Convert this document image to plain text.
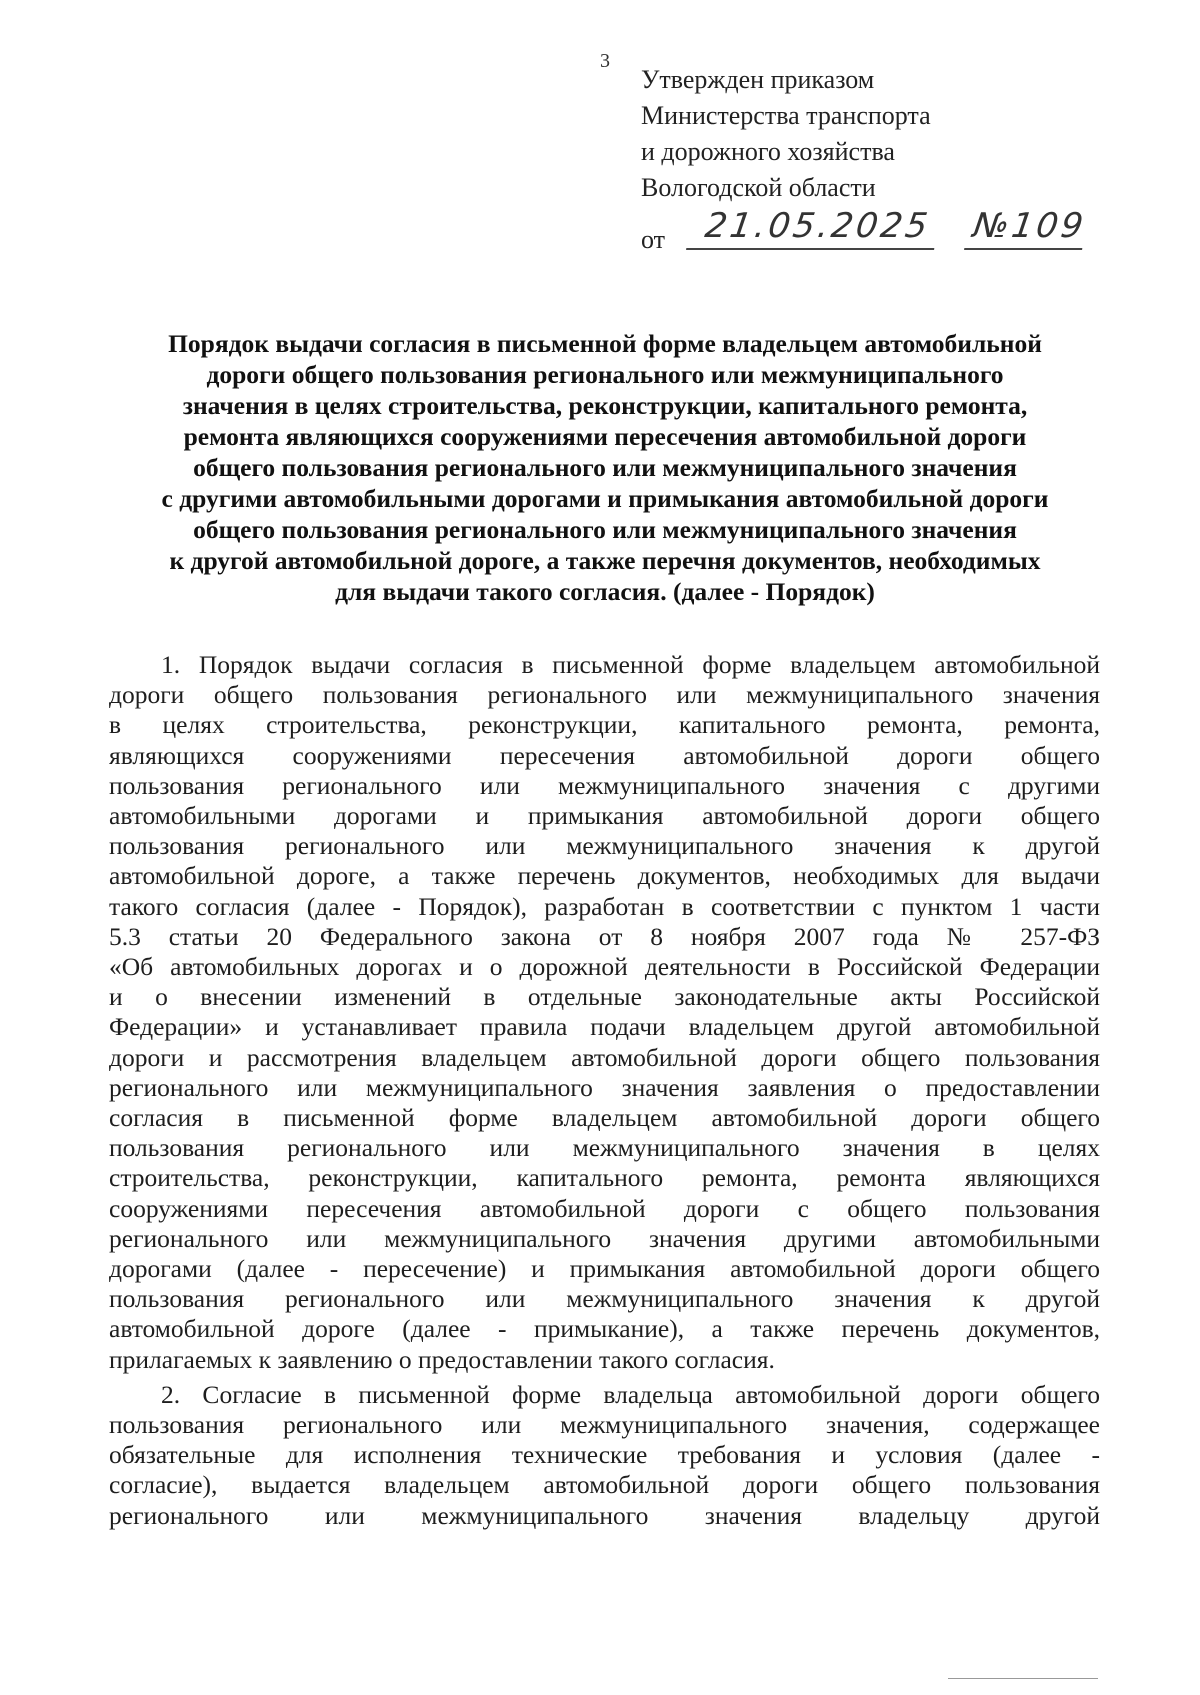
3
Утвержден приказом
Министерства транспорта
и дорожного хозяйства
Вологодской области
от	21.05.2025 №109
Порядок выдачи согласия в письменной форме владельцем автомобильной
дороги общего пользования регионального или межмуниципального
значения в целях строительства, реконструкции, капитального ремонта,
ремонта являющихся сооружениями пересечения автомобильной дороги
общего пользования регионального или межмуниципального значения
с другими автомобильными дорогами и примыкания автомобильной дороги
общего пользования регионального или межмуниципального значения
к другой автомобильной дороге, а также перечня документов, необходимых
для выдачи такого согласия. (далее - Порядок)
1. Порядок выдачи согласия в письменной форме владельцем автомобильной
дороги общего пользования регионального или межмуниципального значения
в целях строительства, реконструкции, капитального ремонта, ремонта,
являющихся сооружениями пересечения автомобильной дороги общего
пользования регионального или межмуниципального значения с другими
автомобильными дорогами и примыкания автомобильной дороги общего
пользования регионального или межмуниципального значения к другой
автомобильной дороге, а также перечень документов, необходимых для выдачи
такого согласия (далее - Порядок), разработан в соответствии с пунктом 1 части
5.3 статьи 20 Федерального закона от 8 ноября 2007 года № 257-ФЗ
«Об автомобильных дорогах и о дорожной деятельности в Российской Федерации
и о внесении изменений в отдельные законодательные акты Российской
Федерации» и устанавливает правила подачи владельцем другой автомобильной
дороги и рассмотрения владельцем автомобильной дороги общего пользования
регионального или межмуниципального значения заявления о предоставлении
согласия в письменной форме владельцем автомобильной дороги общего
пользования регионального или межмуниципального значения в целях
строительства, реконструкции, капитального ремонта, ремонта являющихся
сооружениями пересечения автомобильной дороги с общего пользования
регионального или межмуниципального значения другими автомобильными
дорогами (далее - пересечение) и примыкания автомобильной дороги общего
пользования регионального или межмуниципального значения к другой
автомобильной дороге (далее - примыкание), а также перечень документов,
прилагаемых к заявлению о предоставлении такого согласия.
2. Согласие в письменной форме владельца автомобильной дороги общего
пользования регионального или межмуниципального значения, содержащее
обязательные для исполнения технические требования и условия (далее -
согласие), выдается владельцем автомобильной дороги общего пользования
регионального или межмуниципального значения владельцу другой
